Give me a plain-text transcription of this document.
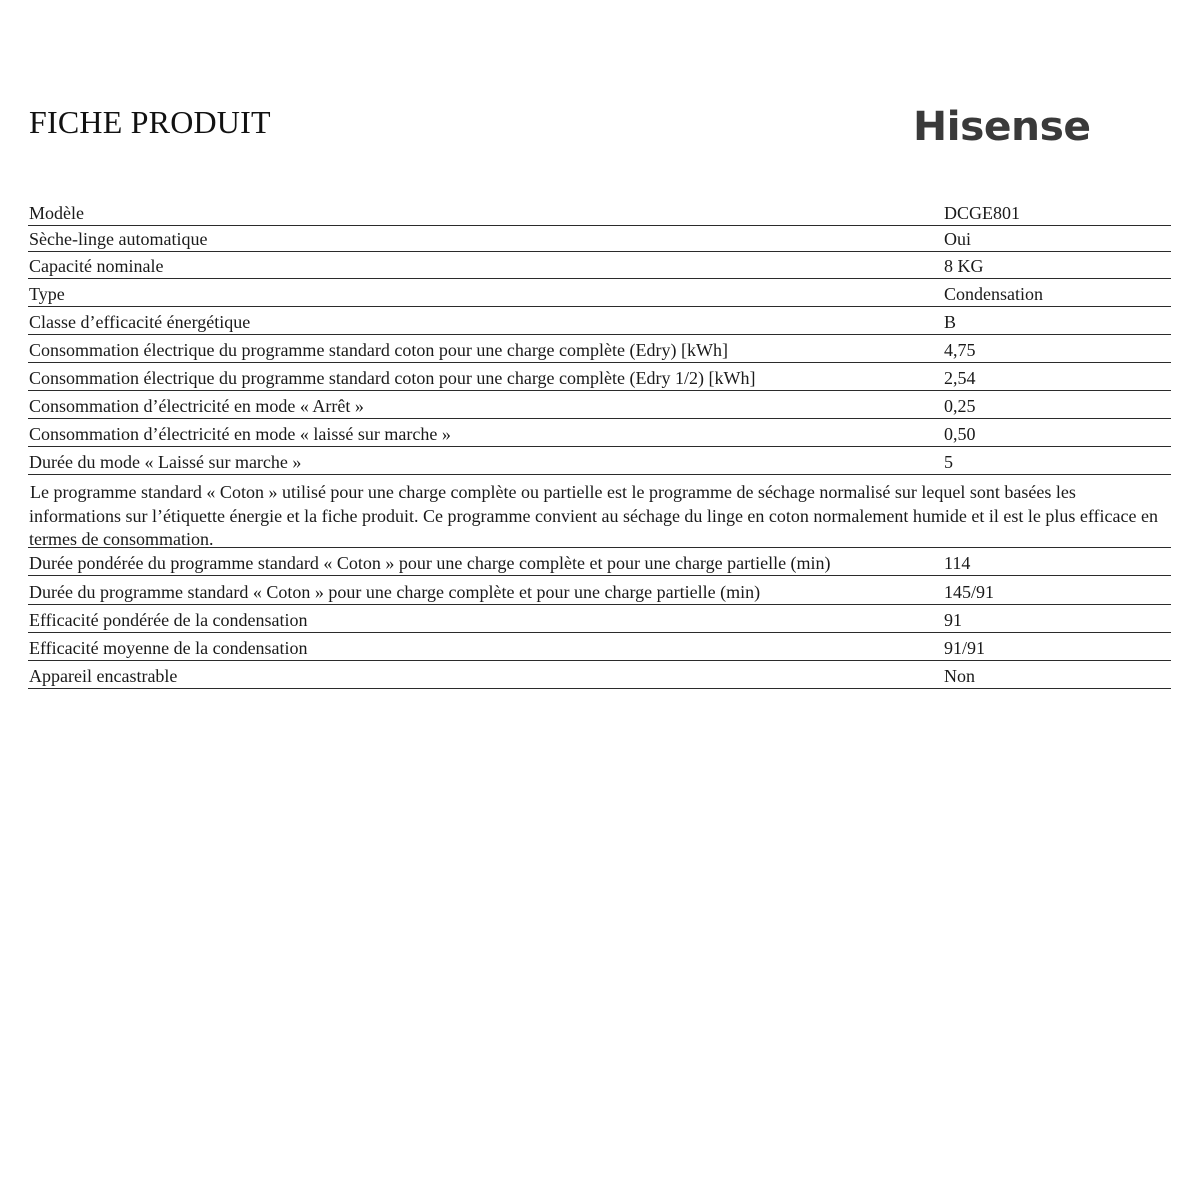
FICHE PRODUIT	Hisense
Modèle	DCGE801
Sèche-linge automatique	Oui
Capacité nominale	8 KG
Type	Condensation
Classe d’efficacité énergétique	B
Consommation électrique du programme standard coton pour une charge complète (Edry) [kWh]	4,75
Consommation électrique du programme standard coton pour une charge complète (Edry 1/2) [kWh]	2,54
Consommation d’électricité en mode « Arrêt »	0,25
Consommation d’électricité en mode « laissé sur marche »	0,50
Durée du mode « Laissé sur marche »	5
Le programme standard « Coton » utilisé pour une charge complète ou partielle est le programme de séchage normalisé sur lequel sont basées les informations sur l’étiquette énergie et la fiche produit. Ce programme convient au séchage du linge en coton normalement humide et il est le plus efficace en termes de consommation.
Durée pondérée du programme standard « Coton » pour une charge complète et pour une charge partielle (min)	114
Durée du programme standard « Coton » pour une charge complète et pour une charge partielle (min)	145/91
Efficacité pondérée de la condensation	91
Efficacité moyenne de la condensation	91/91
Appareil encastrable	Non
